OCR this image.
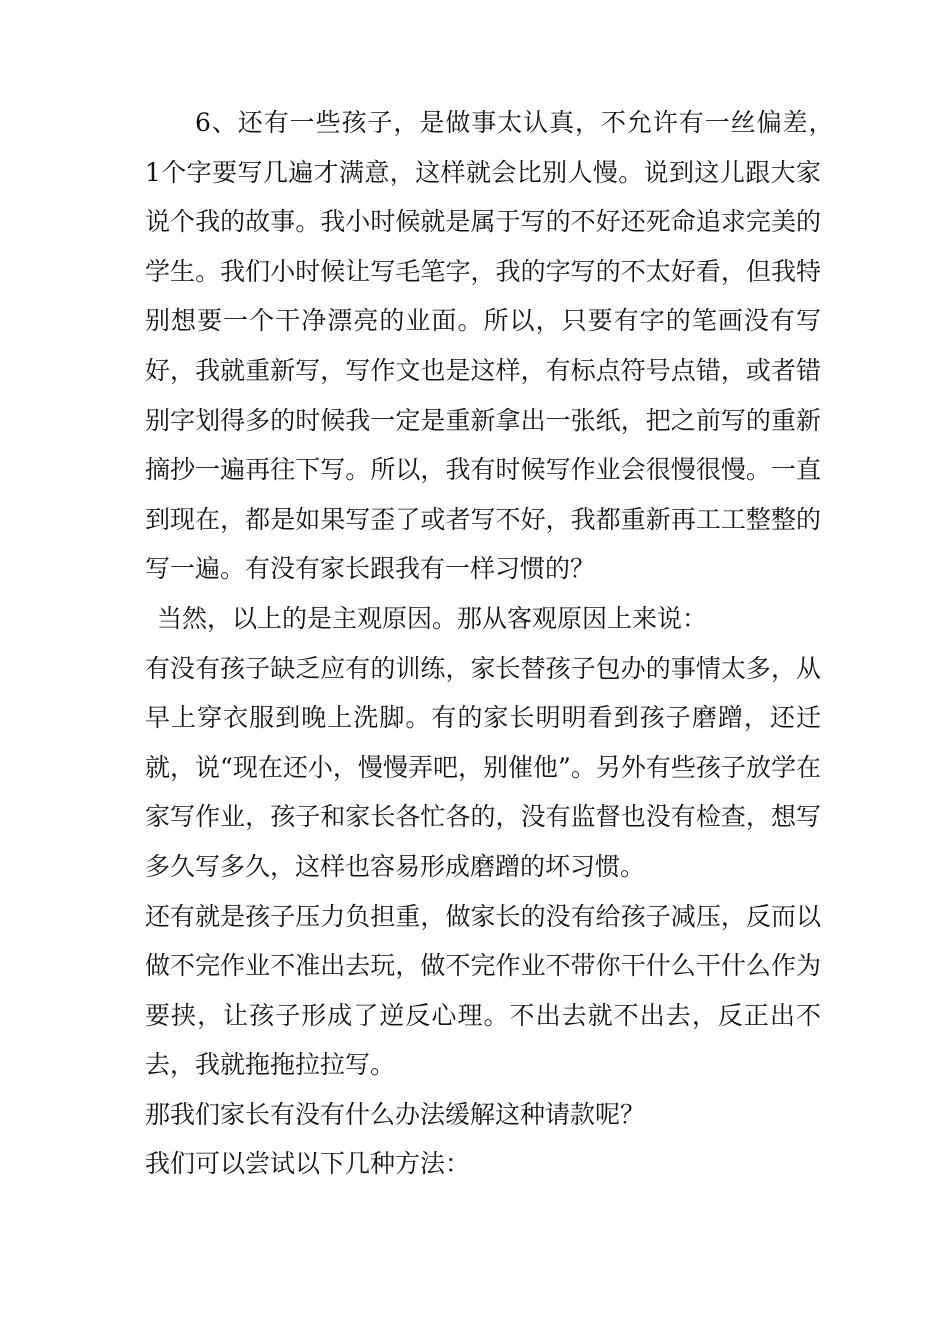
6、还有一些孩子，是做事太认真，不允许有一丝偏差，　1个字要写几遍才满意，这样就会比别人慢。说到这儿跟大家说个我的故事。我小时候就是属于写的不好还死命追求完美的学生。我们小时候让写毛笔字，我的字写的不太好看，但我特别想要一个干净漂亮的业面。所以，只要有字的笔画没有写好，我就重新写，写作文也是这样，有标点符号点错，或者错别字划得多的时候我一定是重新拿出一张纸，把之前写的重新摘抄一遍再往下写。所以，我有时候写作业会很慢很慢。一直到现在，都是如果写歪了或者写不好，我都重新再工工整整的写一遍。有没有家长跟我有一样习惯的？

当然，以上的是主观原因。那从客观原因上来说：

有没有孩子缺乏应有的训练，家长替孩子包办的事情太多，从早上穿衣服到晚上洗脚。有的家长明明看到孩子磨蹭，还迁就，说“现在还小，慢慢弄吧，别催他”。另外有些孩子放学在家写作业，孩子和家长各忙各的，没有监督也没有检查，想写多久写多久，这样也容易形成磨蹭的坏习惯。

还有就是孩子压力负担重，做家长的没有给孩子减压，反而以做不完作业不准出去玩，做不完作业不带你干什么干什么作为要挟，让孩子形成了逆反心理。不出去就不出去，反正出不去，我就拖拖拉拉写。

那我们家长有没有什么办法缓解这种请款呢？

我们可以尝试以下几种方法：
